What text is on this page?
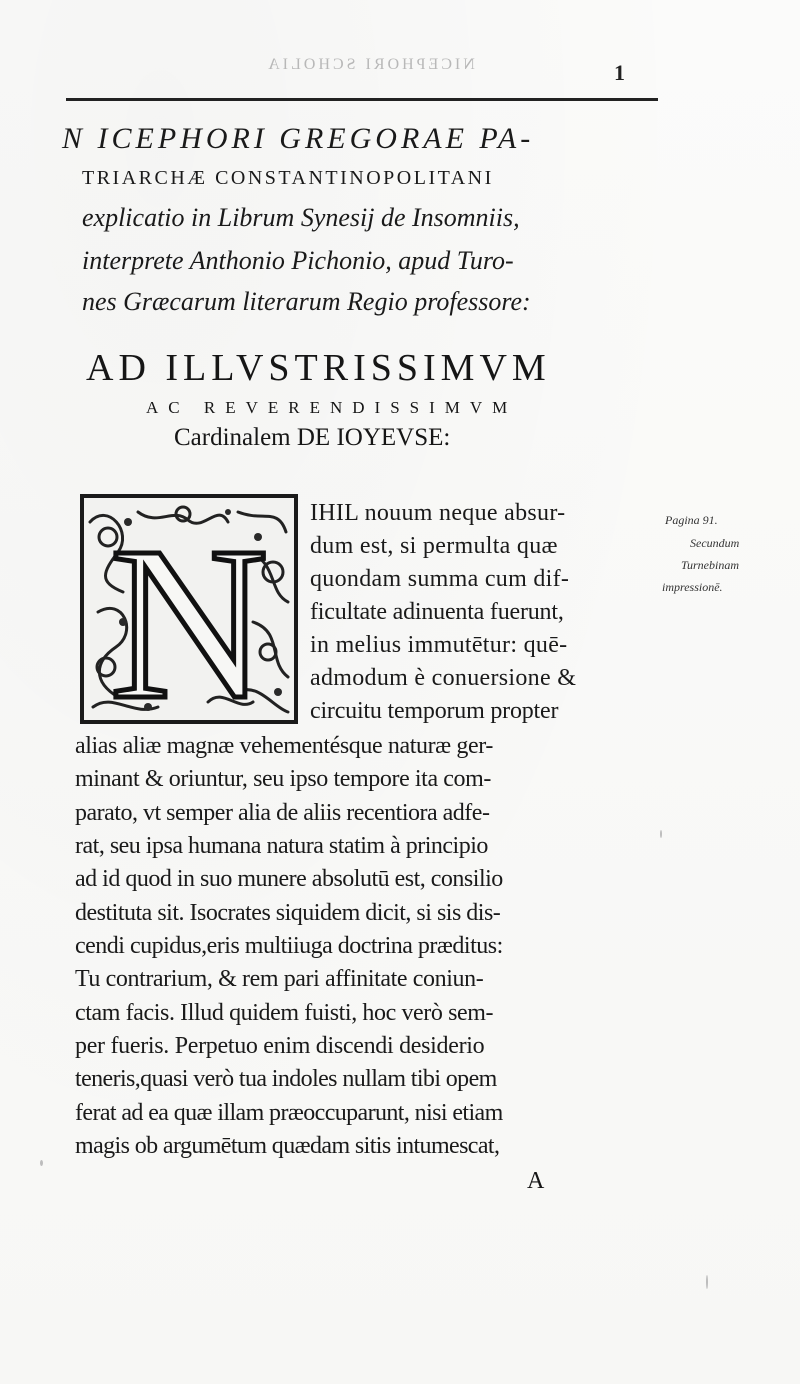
NICEPHORI SCHOLIA	1
N ICEPHORI GREGORAE PA-
TRIARCHÆ CONSTANTINOPOLITANI
explicatio in Librum Synesij de Insomniis,
interprete Anthonio Pichonio, apud Turo-
nes Græcarum literarum Regio professore:
AD ILLVSTRISSIMVM
AC REVERENDISSIMVM
Cardinalem DE IOYEVSE:
N IHIL nouum neque absur-
dum est, si permulta quæ
quondam summa cum dif-
ficultate adinuenta fuerunt,
in melius immutētur: quē-
admodum è conuersione &
circuitu temporum propter
alias aliæ magnæ vehementésque naturæ ger-
minant & oriuntur, seu ipso tempore ita com-
parato, vt semper alia de aliis recentiora adfe-
rat, seu ipsa humana natura statim à principio
ad id quod in suo munere absolutū est, consilio
destituta sit. Isocrates siquidem dicit, si sis dis-
cendi cupidus,eris multiiuga doctrina præditus:
Tu contrarium, & rem pari affinitate coniun-
ctam facis. Illud quidem fuisti, hoc verò sem-
per fueris. Perpetuo enim discendi desiderio
teneris,quasi verò tua indoles nullam tibi opem
ferat ad ea quæ illam præoccuparunt, nisi etiam
magis ob argumētum quædam sitis intumescat,
Pagina 91.
Secundum
Turnebinam
impressionē.
A
